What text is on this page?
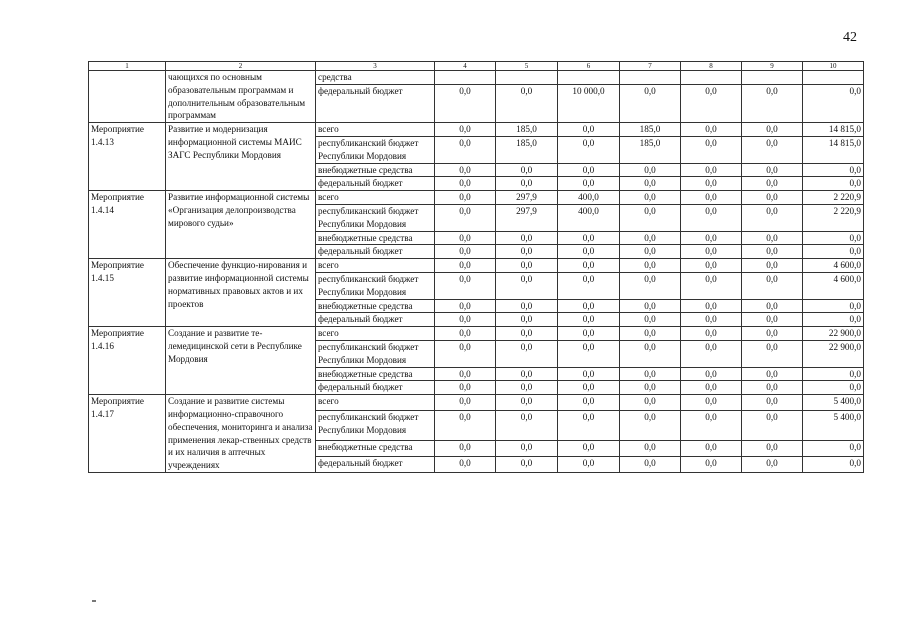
42
1	2	3	4	5	6	7	8	9	10
	чающихся по основным образовательным программам и дополнительным образовательным программам	средства							
		федеральный бюджет	0,0	0,0	10 000,0	0,0	0,0	0,0	0,0
Мероприятие 1.4.13	Развитие и модернизация информационной системы МАИС ЗАГС Республики Мордовия	всего	0,0	185,0	0,0	185,0	0,0	0,0	14 815,0
		республиканский бюджет Республики Мордовия	0,0	185,0	0,0	185,0	0,0	0,0	14 815,0
		внебюджетные средства	0,0	0,0	0,0	0,0	0,0	0,0	0,0
		федеральный бюджет	0,0	0,0	0,0	0,0	0,0	0,0	0,0
Мероприятие 1.4.14	Развитие информационной системы «Организация делопроизводства мирового судьи»	всего	0,0	297,9	400,0	0,0	0,0	0,0	2 220,9
		республиканский бюджет Республики Мордовия	0,0	297,9	400,0	0,0	0,0	0,0	2 220,9
		внебюджетные средства	0,0	0,0	0,0	0,0	0,0	0,0	0,0
		федеральный бюджет	0,0	0,0	0,0	0,0	0,0	0,0	0,0
Мероприятие 1.4.15	Обеспечение функцио-нирования и развитие информационной системы нормативных правовых актов и их проектов	всего	0,0	0,0	0,0	0,0	0,0	0,0	4 600,0
		республиканский бюджет Республики Мордовия	0,0	0,0	0,0	0,0	0,0	0,0	4 600,0
		внебюджетные средства	0,0	0,0	0,0	0,0	0,0	0,0	0,0
		федеральный бюджет	0,0	0,0	0,0	0,0	0,0	0,0	0,0
Мероприятие 1.4.16	Создание и развитие те-лемедицинской сети в Республике Мордовия	всего	0,0	0,0	0,0	0,0	0,0	0,0	22 900,0
		республиканский бюджет Республики Мордовия	0,0	0,0	0,0	0,0	0,0	0,0	22 900,0
		внебюджетные средства	0,0	0,0	0,0	0,0	0,0	0,0	0,0
		федеральный бюджет	0,0	0,0	0,0	0,0	0,0	0,0	0,0
Мероприятие 1.4.17	Создание и развитие системы информационно-справочного обеспечения, мониторинга и анализа применения лекар-ственных средств и их наличия в аптечных учреждениях	всего	0,0	0,0	0,0	0,0	0,0	0,0	5 400,0
		республиканский бюджет Республики Мордовия	0,0	0,0	0,0	0,0	0,0	0,0	5 400,0
		внебюджетные средства	0,0	0,0	0,0	0,0	0,0	0,0	0,0
		федеральный бюджет	0,0	0,0	0,0	0,0	0,0	0,0	0,0
